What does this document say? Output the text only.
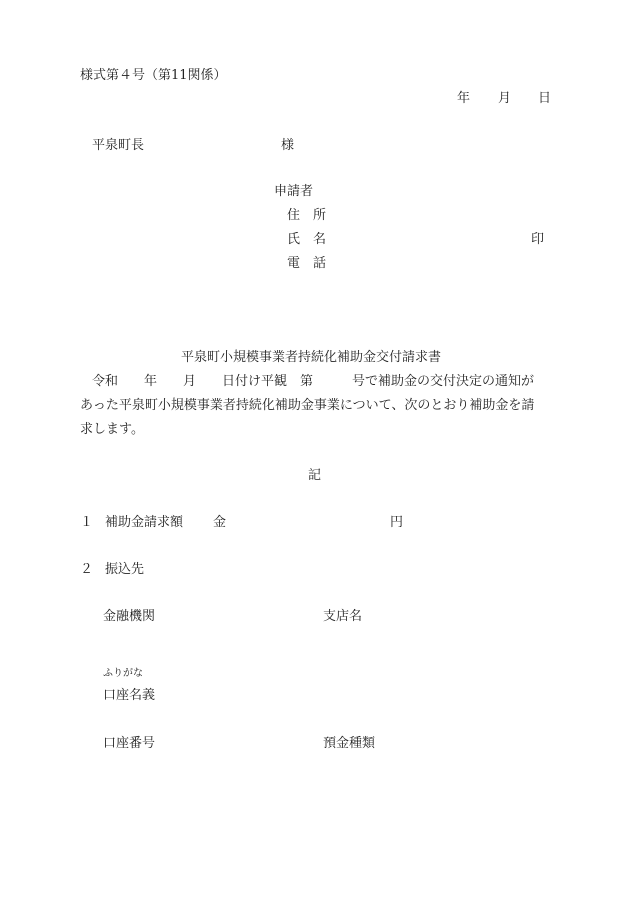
様式第４号（第11関係）
年 月 日
平泉町長	様
申請者
住　所
氏　名	印
電　話
平泉町小規模事業者持続化補助金交付請求書
令和　　年　　月　　日付け平観　第　　　号で補助金の交付決定の通知が
あった平泉町小規模事業者持続化補助金事業について、次のとおり補助金を請
求します。
記
１ 補助金請求額 金	円
２ 振込先
金融機関	支店名
ふりがな
口座名義
口座番号	預金種類
